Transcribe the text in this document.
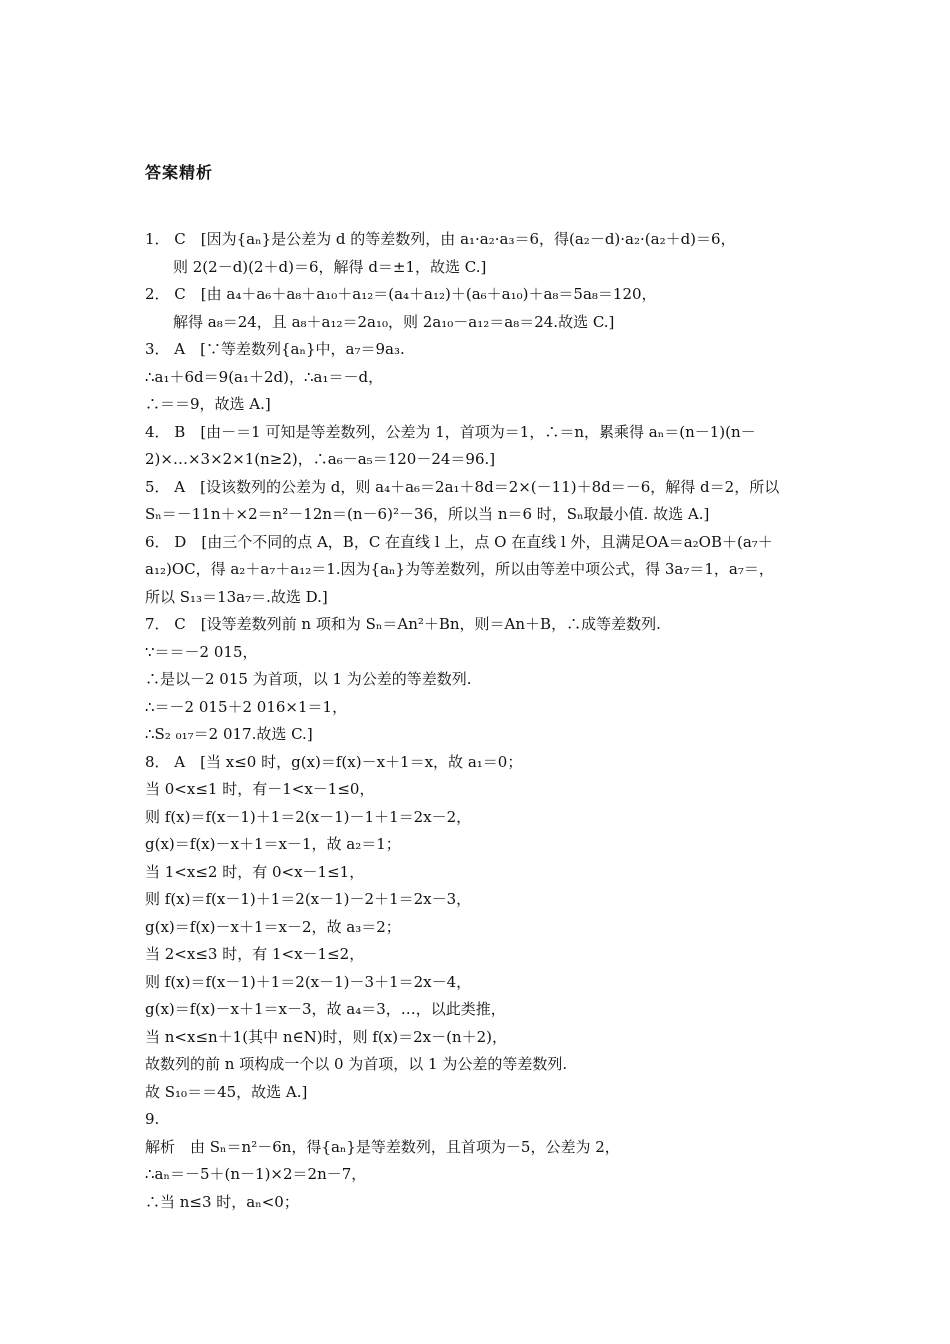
答案精析
1． C　[因为{aₙ}是公差为 d 的等差数列，由 a₁·a₂·a₃＝6，得(a₂－d)·a₂·(a₂＋d)＝6，
则 2(2－d)(2＋d)＝6，解得 d＝±1，故选 C.]
2． C　[由 a₄＋a₆＋a₈＋a₁₀＋a₁₂＝(a₄＋a₁₂)＋(a₆＋a₁₀)＋a₈＝5a₈＝120，
解得 a₈＝24，且 a₈＋a₁₂＝2a₁₀，则 2a₁₀－a₁₂＝a₈＝24.故选 C.]
3． A　[∵等差数列{aₙ}中，a₇＝9a₃.
∴a₁＋6d＝9(a₁＋2d)，∴a₁＝－d，
∴＝＝9，故选 A.]
4． B　[由－＝1 可知是等差数列，公差为 1，首项为＝1，∴＝n，累乘得 aₙ＝(n－1)(n－
2)×…×3×2×1(n≥2)，∴a₆－a₅＝120－24＝96.]
5． A　[设该数列的公差为 d，则 a₄＋a₆＝2a₁＋8d＝2×(－11)＋8d＝－6，解得 d＝2，所以
Sₙ＝－11n＋×2＝n²－12n＝(n－6)²－36，所以当 n＝6 时，Sₙ取最小值. 故选 A.]
6． D　[由三个不同的点 A，B，C 在直线 l 上，点 O 在直线 l 外，且满足OA＝a₂OB＋(a₇＋
a₁₂)OC，得 a₂＋a₇＋a₁₂＝1.因为{aₙ}为等差数列，所以由等差中项公式，得 3a₇＝1，a₇＝，
所以 S₁₃＝13a₇＝.故选 D.]
7． C　[设等差数列前 n 项和为 Sₙ＝An²＋Bn，则＝An＋B，∴成等差数列.
∵＝＝－2 015，
∴是以－2 015 为首项，以 1 为公差的等差数列.
∴＝－2 015＋2 016×1＝1，
∴S₂ ₀₁₇＝2 017.故选 C.]
8． A　[当 x≤0 时，g(x)＝f(x)－x＋1＝x，故 a₁＝0；
当 0<x≤1 时，有－1<x－1≤0，
则 f(x)＝f(x－1)＋1＝2(x－1)－1＋1＝2x－2，
g(x)＝f(x)－x＋1＝x－1，故 a₂＝1；
当 1<x≤2 时，有 0<x－1≤1，
则 f(x)＝f(x－1)＋1＝2(x－1)－2＋1＝2x－3，
g(x)＝f(x)－x＋1＝x－2，故 a₃＝2；
当 2<x≤3 时，有 1<x－1≤2，
则 f(x)＝f(x－1)＋1＝2(x－1)－3＋1＝2x－4，
g(x)＝f(x)－x＋1＝x－3，故 a₄＝3，…，以此类推，
当 n<x≤n＋1(其中 n∈N)时，则 f(x)＝2x－(n＋2)，
故数列的前 n 项构成一个以 0 为首项，以 1 为公差的等差数列.
故 S₁₀＝＝45，故选 A.]
9.
解析　由 Sₙ＝n²－6n，得{aₙ}是等差数列，且首项为－5，公差为 2，
∴aₙ＝－5＋(n－1)×2＝2n－7，
∴当 n≤3 时，aₙ<0；
